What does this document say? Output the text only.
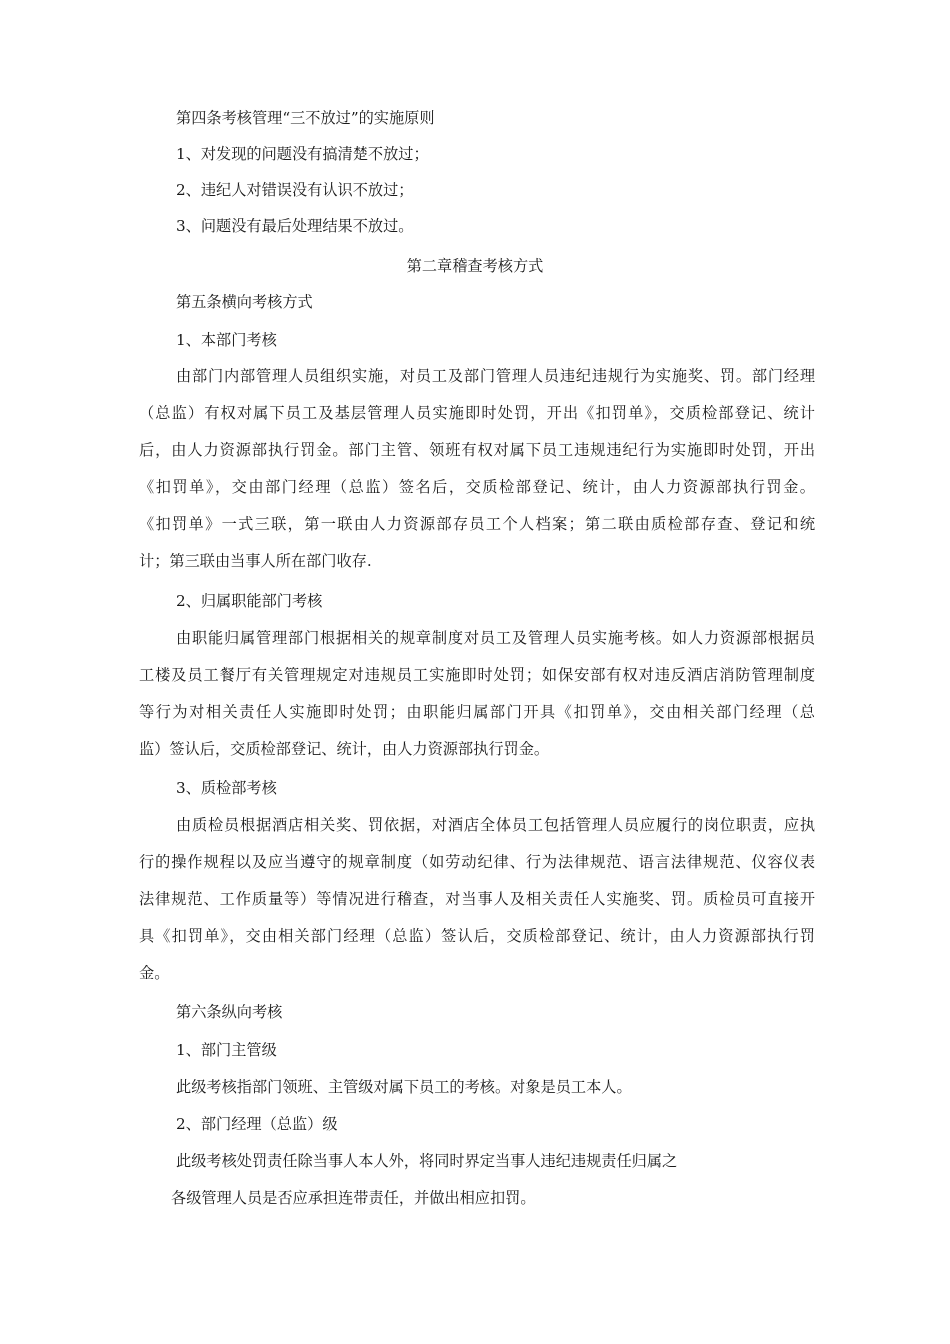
第四条考核管理“三不放过”的实施原则
1、对发现的问题没有搞清楚不放过；
2、违纪人对错误没有认识不放过；
3、问题没有最后处理结果不放过。
第二章稽查考核方式
第五条横向考核方式
1、本部门考核
由部门内部管理人员组织实施，对员工及部门管理人员违纪违规行为实施奖、罚。部门经理
（总监）有权对属下员工及基层管理人员实施即时处罚，开出《扣罚单》，交质检部登记、统计
后，由人力资源部执行罚金。部门主管、领班有权对属下员工违规违纪行为实施即时处罚，开出
《扣罚单》，交由部门经理（总监）签名后，交质检部登记、统计，由人力资源部执行罚金。
《扣罚单》一式三联，第一联由人力资源部存员工个人档案；第二联由质检部存查、登记和统
计；第三联由当事人所在部门收存.
2、归属职能部门考核
由职能归属管理部门根据相关的规章制度对员工及管理人员实施考核。如人力资源部根据员
工楼及员工餐厅有关管理规定对违规员工实施即时处罚；如保安部有权对违反酒店消防管理制度
等行为对相关责任人实施即时处罚；由职能归属部门开具《扣罚单》，交由相关部门经理（总
监）签认后，交质检部登记、统计，由人力资源部执行罚金。
3、质检部考核
由质检员根据酒店相关奖、罚依据，对酒店全体员工包括管理人员应履行的岗位职责，应执
行的操作规程以及应当遵守的规章制度（如劳动纪律、行为法律规范、语言法律规范、仪容仪表
法律规范、工作质量等）等情况进行稽查，对当事人及相关责任人实施奖、罚。质检员可直接开
具《扣罚单》，交由相关部门经理（总监）签认后，交质检部登记、统计，由人力资源部执行罚
金。
第六条纵向考核
1、部门主管级
此级考核指部门领班、主管级对属下员工的考核。对象是员工本人。
2、部门经理（总监）级
此级考核处罚责任除当事人本人外，将同时界定当事人违纪违规责任归属之
各级管理人员是否应承担连带责任，并做出相应扣罚。
